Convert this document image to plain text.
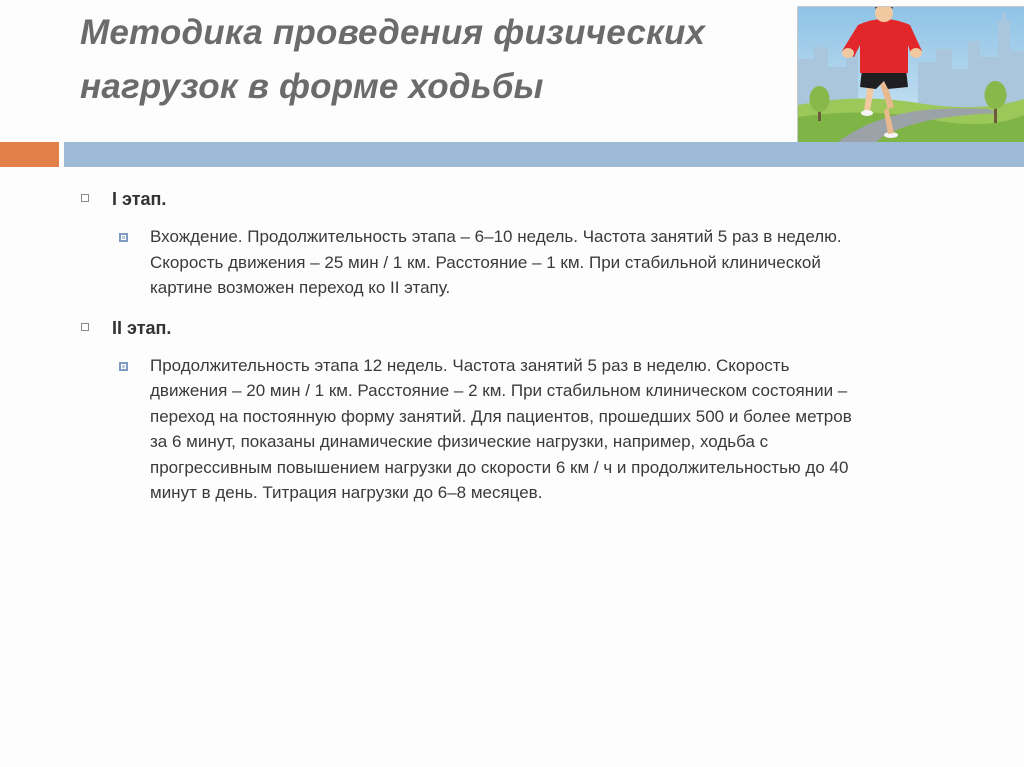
Методика проведения физических
нагрузок в форме ходьбы
I этап.
Вхождение. Продолжительность этапа – 6–10 недель. Частота занятий 5 раз в неделю.
Скорость движения – 25 мин / 1 км. Расстояние – 1 км. При стабильной клинической
картине возможен переход ко II этапу.
II этап.
Продолжительность этапа 12 недель. Частота занятий 5 раз в неделю. Скорость
движения – 20 мин / 1 км. Расстояние – 2 км. При стабильном клиническом состоянии –
переход на постоянную форму занятий. Для пациентов, прошедших 500 и более метров
за 6 минут, показаны динамические физические нагрузки, например, ходьба с
прогрессивным повышением нагрузки до скорости 6 км / ч и продолжительностью до 40
минут в день. Титрация нагрузки до 6–8 месяцев.
